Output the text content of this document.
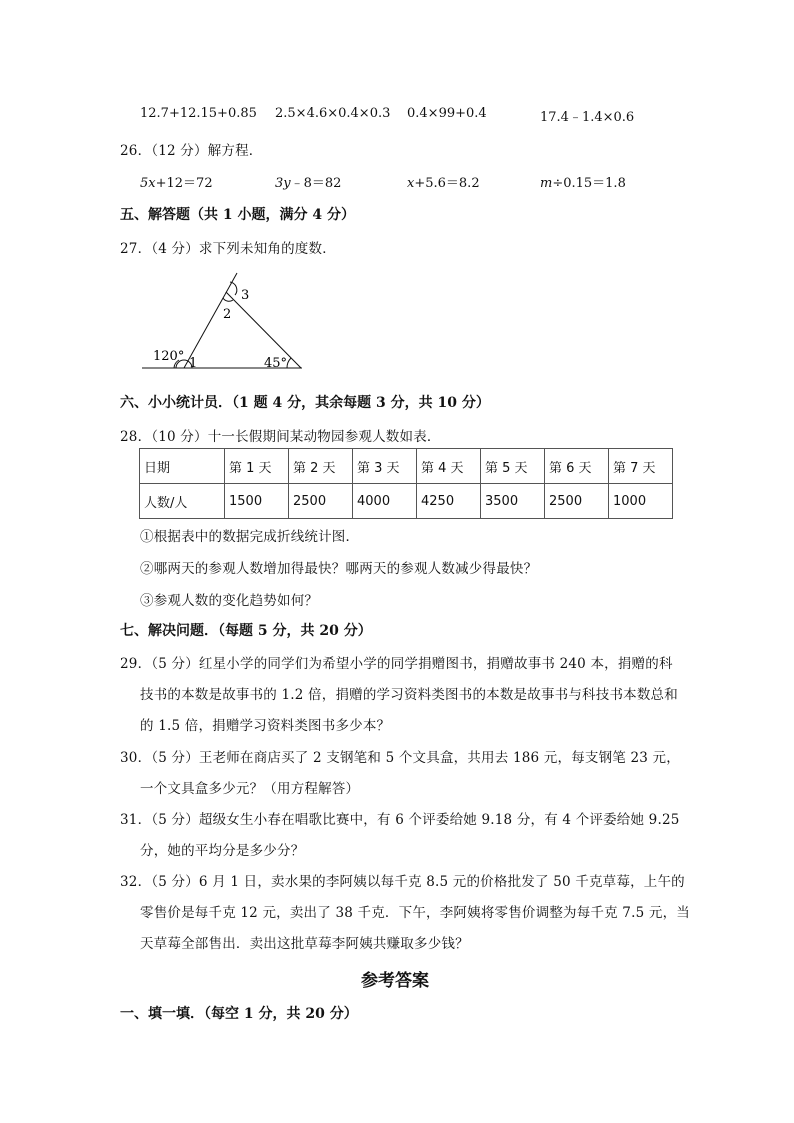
12.7+12.15+0.85 2.5×4.6×0.4×0.3 0.4×99+0.4	17.4﹣1.4×0.6
26．（12 分）解方程．
5x+12＝72	3y﹣8＝82	x+5.6＝8.2	m÷0.15＝1.8
五、解答题（共 1 小题，满分 4 分）
27．（4 分）求下列未知角的度数．
120° 1
2
3
45°
六、小小统计员．（1 题 4 分，其余每题 3 分，共 10 分）
28．（10 分）十一长假期间某动物园参观人数如表．
日期	第 1 天	第 2 天	第 3 天	第 4 天	第 5 天	第 6 天	第 7 天
人数/人	1500	2500	4000	4250	3500	2500	1000
①根据表中的数据完成折线统计图．
②哪两天的参观人数增加得最快？哪两天的参观人数减少得最快？
③参观人数的变化趋势如何？
七、解决问题．（每题 5 分，共 20 分）
29．（5 分）红星小学的同学们为希望小学的同学捐赠图书，捐赠故事书 240 本，捐赠的科
技书的本数是故事书的 1.2 倍，捐赠的学习资料类图书的本数是故事书与科技书本数总和
的 1.5 倍，捐赠学习资料类图书多少本？
30．（5 分）王老师在商店买了 2 支钢笔和 5 个文具盒，共用去 186 元，每支钢笔 23 元，
一个文具盒多少元？（用方程解答）
31．（5 分）超级女生小春在唱歌比赛中，有 6 个评委给她 9.18 分，有 4 个评委给她 9.25
分，她的平均分是多少分？
32．（5 分）6 月 1 日，卖水果的李阿姨以每千克 8.5 元的价格批发了 50 千克草莓，上午的
零售价是每千克 12 元，卖出了 38 千克．下午，李阿姨将零售价调整为每千克 7.5 元，当
天草莓全部售出．卖出这批草莓李阿姨共赚取多少钱？
参考答案
一、填一填．（每空 1 分，共 20 分）
